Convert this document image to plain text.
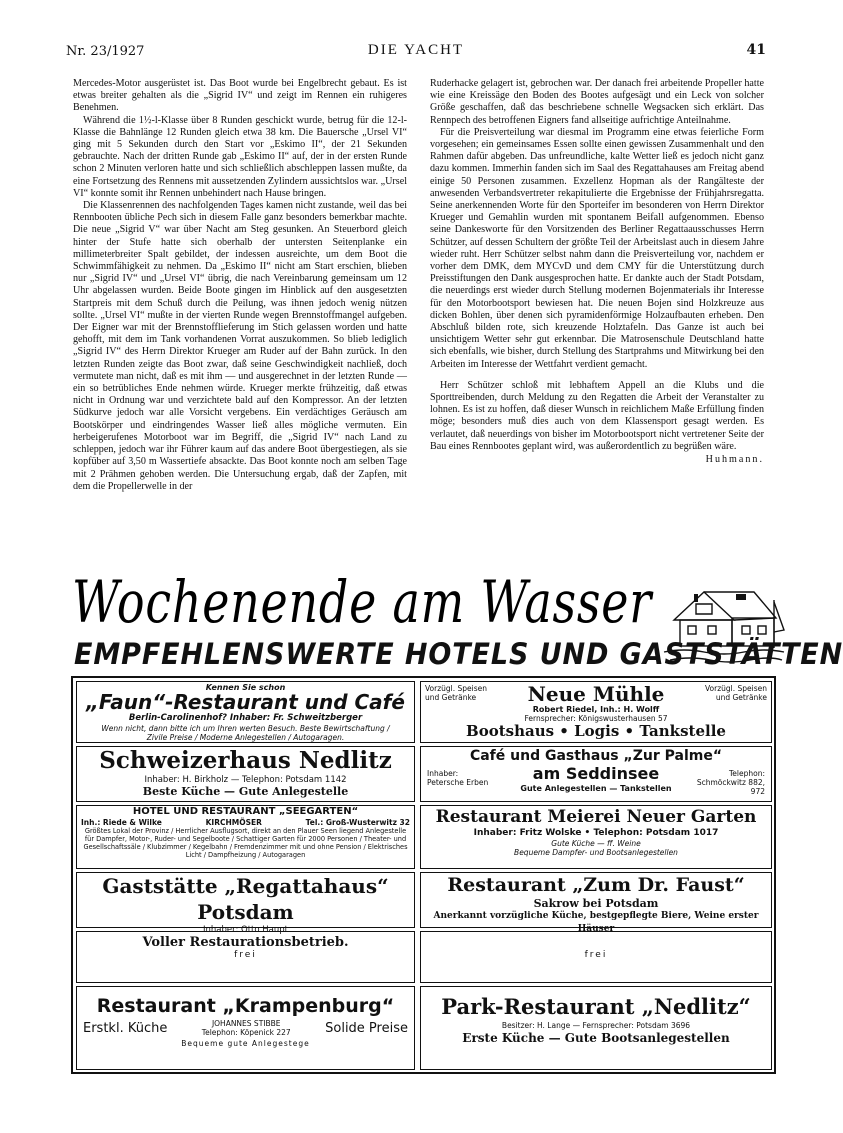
Nr. 23/1927	DIE YACHT	41

Mercedes-Motor ausgerüstet ist. Das Boot wurde bei Engelbrecht gebaut. Es ist etwas breiter gehalten als die „Sigrid IV“ und zeigt im Rennen ein ruhigeres Benehmen.

Während die 1½-l-Klasse über 8 Runden geschickt wurde, betrug für die 12-l-Klasse die Bahnlänge 12 Runden gleich etwa 38 km. Die Bauersche „Ursel VI“ ging mit 5 Sekunden durch den Start vor „Eskimo II“, der 21 Sekunden gebrauchte. Nach der dritten Runde gab „Eskimo II“ auf, der in der ersten Runde schon 2 Minuten verloren hatte und sich schließlich abschleppen lassen mußte, da eine Fortsetzung des Rennens mit aussetzenden Zylindern aussichtslos war. „Ursel VI“ konnte somit ihr Rennen unbehindert nach Hause bringen.

Die Klassenrennen des nachfolgenden Tages kamen nicht zustande, weil das bei Rennbooten übliche Pech sich in diesem Falle ganz besonders bemerkbar machte. Die neue „Sigrid V“ war über Nacht am Steg gesunken. An Steuerbord gleich hinter der Stufe hatte sich oberhalb der untersten Seitenplanke ein millimeterbreiter Spalt gebildet, der indessen ausreichte, um dem Boot die Schwimmfähigkeit zu nehmen. Da „Eskimo II“ nicht am Start erschien, blieben nur „Sigrid IV“ und „Ursel VI“ übrig, die nach Vereinbarung gemeinsam um 12 Uhr abgelassen wurden. Beide Boote gingen im Hinblick auf den ausgesetzten Startpreis mit dem Schuß durch die Peilung, was ihnen jedoch wenig nützen sollte. „Ursel VI“ mußte in der vierten Runde wegen Brennstoffmangel aufgeben. Der Eigner war mit der Brennstofflieferung im Stich gelassen worden und hatte gehofft, mit dem im Tank vorhandenen Vorrat auszukommen. So blieb lediglich „Sigrid IV“ des Herrn Direktor Krueger am Ruder auf der Bahn zurück. In den letzten Runden zeigte das Boot zwar, daß seine Geschwindigkeit nachließ, doch vermutete man nicht, daß es mit ihm — und ausgerechnet in der letzten Runde — ein so betrübliches Ende nehmen würde. Krueger merkte frühzeitig, daß etwas nicht in Ordnung war und verzichtete bald auf den Kompressor. An der letzten Südkurve jedoch war alle Vorsicht vergebens. Ein verdächtiges Geräusch am Bootskörper und eindringendes Wasser ließ alles mögliche vermuten. Ein herbeigerufenes Motorboot war im Begriff, die „Sigrid IV“ nach Land zu schleppen, jedoch war ihr Führer kaum auf das andere Boot übergestiegen, als sie kopfüber auf 3,50 m Wassertiefe absackte. Das Boot konnte noch am selben Tage mit 2 Prähmen gehoben werden. Die Untersuchung ergab, daß der Zapfen, mit dem die Propellerwelle in der

Ruderhacke gelagert ist, gebrochen war. Der danach frei arbeitende Propeller hatte wie eine Kreissäge den Boden des Bootes aufgesägt und ein Leck von solcher Größe geschaffen, daß das beschriebene schnelle Wegsacken sich erklärt. Das Rennpech des betroffenen Eigners fand allseitige aufrichtige Anteilnahme.

Für die Preisverteilung war diesmal im Programm eine etwas feierliche Form vorgesehen; ein gemeinsames Essen sollte einen gewissen Zusammenhalt und den Rahmen dafür abgeben. Das unfreundliche, kalte Wetter ließ es jedoch nicht ganz dazu kommen. Immerhin fanden sich im Saal des Regattahauses am Freitag abend einige 50 Personen zusammen. Exzellenz Hopman als der Rangälteste der anwesenden Verbandsvertreter rekapitulierte die Ergebnisse der Frühjahrsregatta. Seine anerkennenden Worte für den Sporteifer im besonderen von Herrn Direktor Krueger und Gemahlin wurden mit spontanem Beifall aufgenommen. Ebenso seine Dankesworte für den Vorsitzenden des Berliner Regattaausschusses Herrn Schützer, auf dessen Schultern der größte Teil der Arbeitslast auch in diesem Jahre wieder ruht. Herr Schützer selbst nahm dann die Preisverteilung vor, nachdem er vorher dem DMK, dem MYCvD und dem CMY für die Unterstützung durch Preisstiftungen den Dank ausgesprochen hatte. Er dankte auch der Stadt Potsdam, die neuerdings erst wieder durch Stellung modernen Bojenmaterials ihr Interesse für den Motorbootsport bewiesen hat. Die neuen Bojen sind Holzkreuze aus dicken Bohlen, über denen sich pyramidenförmige Holzaufbauten erheben. Den Abschluß bilden rote, sich kreuzende Holztafeln. Das Ganze ist auch bei unsichtigem Wetter sehr gut erkennbar. Die Matrosenschule Deutschland hatte sich ebenfalls, wie bisher, durch Stellung des Startprahms und Mitwirkung bei den Arbeiten im Interesse der Wettfahrt verdient gemacht.

Herr Schützer schloß mit lebhaftem Appell an die Klubs und die Sporttreibenden, durch Meldung zu den Regatten die Arbeit der Veranstalter zu lohnen. Es ist zu hoffen, daß dieser Wunsch in reichlichem Maße Erfüllung finden möge; besonders muß dies auch von dem Klassensport gesagt werden. Es verlautet, daß neuerdings von bisher im Motorbootsport nicht vertretener Seite der Bau eines Rennbootes geplant wird, was außerordentlich zu begrüßen wäre.

Huhmann.

Wochenende am Wasser
EMPFEHLENSWERTE HOTELS UND GASTSTÄTTEN
Kennen Sie schon
„Faun“-Restaurant und Café
Berlin-Carolinenhof? Inhaber: Fr. Schweitzberger
Wenn nicht, dann bitte ich um Ihren werten Besuch. Beste Bewirtschaftung / Zivile Preise / Moderne Anlegestellen / Autogaragen.
Vorzügl. Speisen und Getränke
Vorzügl. Speisen und Getränke
Neue Mühle
Robert Riedel, Inh.: H. Wolff
Fernsprecher: Königswusterhausen 57
Bootshaus • Logis • Tankstelle
Schweizerhaus Nedlitz
Inhaber: H. Birkholz — Telephon: Potsdam 1142
Beste Küche — Gute Anlegestelle
Café und Gasthaus „Zur Palme“
Inhaber: Petersche Erben	am Seddinsee	Telephon: Schmöckwitz 882, 972
Gute Anlegestellen — Tankstellen
HOTEL UND RESTAURANT „SEEGARTEN“
Inh.: Riede & Wilke	KIRCHMÖSER	Tel.: Groß-Wusterwitz 32
Größtes Lokal der Provinz / Herrlicher Ausflugsort, direkt an den Plauer Seen liegend Anlegestelle für Dampfer, Motor-, Ruder- und Segelboote / Schattiger Garten für 2000 Personen / Theater- und Gesellschaftssäle / Klubzimmer / Kegelbahn / Fremdenzimmer mit und ohne Pension / Elektrisches Licht / Dampfheizung / Autogaragen
Restaurant Meierei Neuer Garten
Inhaber: Fritz Wolske • Telephon: Potsdam 1017
Gute Küche — ff. Weine
Bequeme Dampfer- und Bootsanlegestellen
Gaststätte „Regattahaus“ Potsdam
Inhaber: Otto Haupt
Voller Restaurationsbetrieb.
Restaurant „Zum Dr. Faust“
Sakrow bei Potsdam
Anerkannt vorzügliche Küche, bestgepflegte Biere, Weine erster Häuser
frei	frei
Restaurant „Krampenburg“
Erstkl. Küche	JOHANNES STIBBE
Telephon: Köpenick 227	Solide Preise
Bequeme gute Anlegestege
Park-Restaurant „Nedlitz“
Besitzer: H. Lange — Fernsprecher: Potsdam 3696
Erste Küche — Gute Bootsanlegestellen
